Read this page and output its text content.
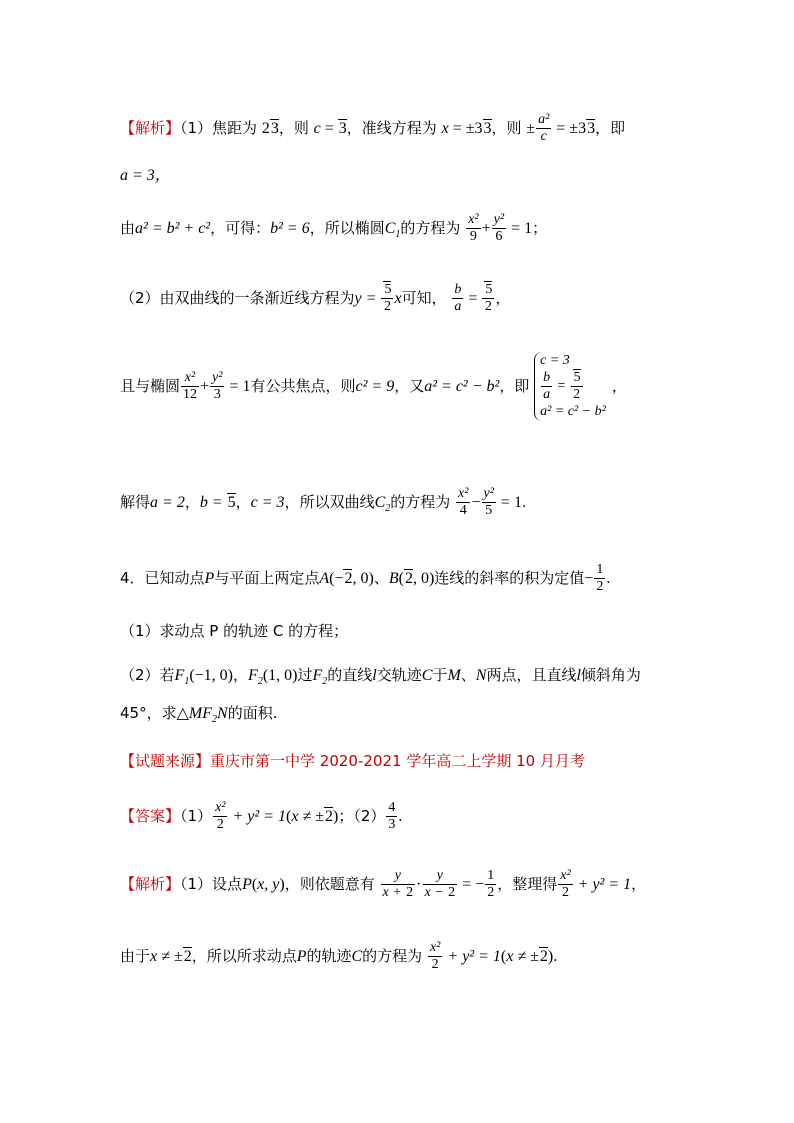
【解析】（1）焦距为 23，则 c = 3，准线方程为 x = ±33，则 ± $\frac{\text{a²}}{c} = \pm 33$，即
a = 3，
由a² = b² + c²，可得：b² = 6，所以椭圆$C_1$的方程为 $\frac{\text{x²}}{9} + \frac{\text{y²}}{6} = 1$；
（2）由双曲线的一条渐近线方程为$y = \frac{5}{2}$ x可知， $\frac{b}{a} = \frac{5}{2}$ ，
且与椭圆 $\frac{\text{x²}}{12} + \frac{\text{y²}}{3} = 1$有公共焦点，则c² = 9，又a² = c² − b²，即
c = 3
$\frac{b}{a} = \frac{5}{2}$
a² = c² − b²
，
解得a = 2，b = 5，c = 3，所以双曲线$C_2$的方程为 $\frac{\text{x²}}{4} - \frac{\text{y²}}{5} = 1$.
4．已知动点P与平面上两定点A(−2, 0)、B(2, 0)连线的斜率的积为定值− $\frac{1}{2}$ .
（1）求动点 P 的轨迹 C 的方程；
（2）若$F_1(-1$, 0)，$F_2(1$, 0)过$F_2$的直线l交轨迹C于M、N两点，且直线l倾斜角为
45°，求$\triangle MF_2N$的面积.
【试题来源】重庆市第一中学 2020-2021 学年高二上学期 10 月月考
【答案】$(1) \frac{\text{x²}}{2} + y^2 = 1(x \ne \pm 2)$；$(2) \frac{4}{3}$ .
【解析】（1）设点P(x, y)，则依题意有 $\frac{y}{x + 2} \cdot \frac{y}{x - 2}$ = − $\frac{1}{2}$ ，整理得 $\frac{\text{x²}}{2} + y^2 = 1$，
由于x ≠ ±2，所以所求动点P的轨迹C的方程为 $\frac{\text{x²}}{2} + y^2 = 1(x \ne \pm 2)$.
